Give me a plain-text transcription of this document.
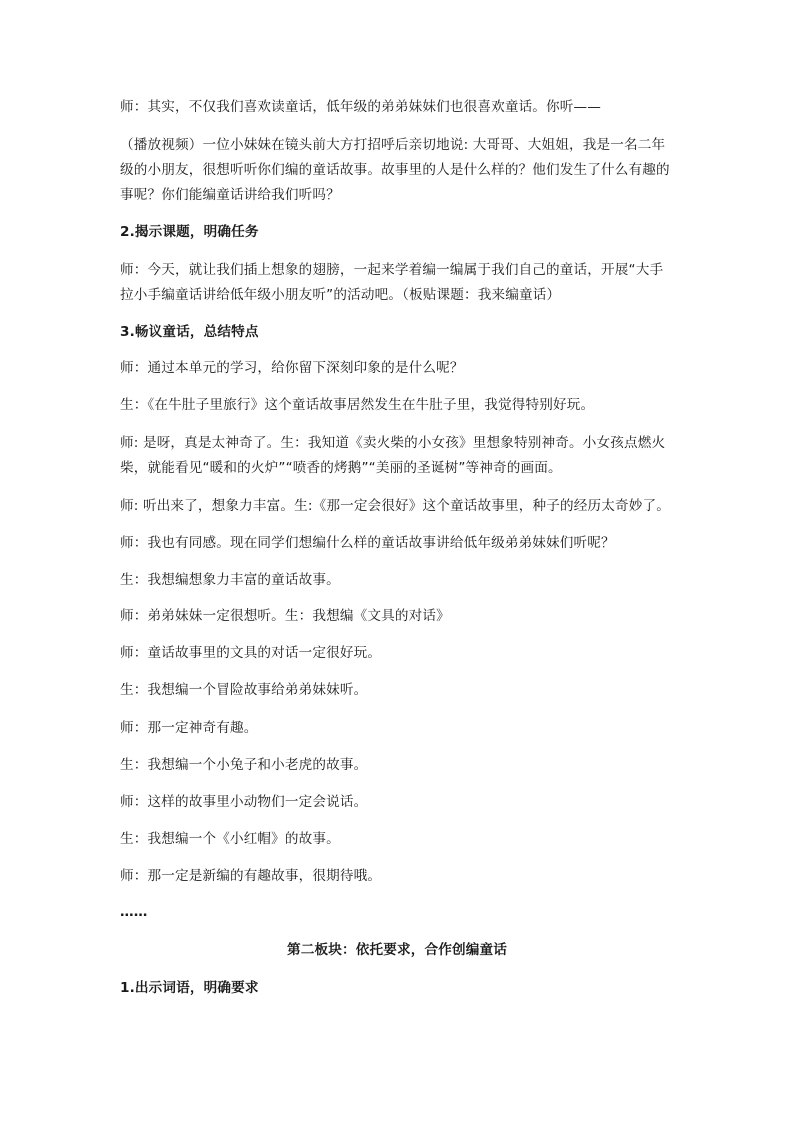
师：其实，不仅我们喜欢读童话，低年级的弟弟妹妹们也很喜欢童话。你听——
（播放视频）一位小妹妹在镜头前大方打招呼后亲切地说: 大哥哥、大姐姐，我是一名二年
级的小朋友，很想听听你们编的童话故事。故事里的人是什么样的？他们发生了什么有趣的
事呢？你们能编童话讲给我们听吗？
2.揭示课题，明确任务
师：今天，就让我们插上想象的翅膀，一起来学着编一编属于我们自己的童话，开展“大手
拉小手编童话讲给低年级小朋友听”的活动吧。（板贴课题：我来编童话）
3.畅议童话，总结特点
师：通过本单元的学习，给你留下深刻印象的是什么呢？
生：《在牛肚子里旅行》这个童话故事居然发生在牛肚子里，我觉得特别好玩。
师: 是呀，真是太神奇了。生：我知道《卖火柴的小女孩》里想象特别神奇。小女孩点燃火
柴，就能看见“暖和的火炉”“喷香的烤鹅”“美丽的圣诞树”等神奇的画面。
师: 听出来了，想象力丰富。生:《那一定会很好》这个童话故事里，种子的经历太奇妙了。
师：我也有同感。现在同学们想编什么样的童话故事讲给低年级弟弟妹妹们听呢？
生：我想编想象力丰富的童话故事。
师：弟弟妹妹一定很想听。生：我想编《文具的对话》
师：童话故事里的文具的对话一定很好玩。
生：我想编一个冒险故事给弟弟妹妹听。
师：那一定神奇有趣。
生：我想编一个小兔子和小老虎的故事。
师：这样的故事里小动物们一定会说话。
生：我想编一个《小红帽》的故事。
师：那一定是新编的有趣故事，很期待哦。
……
第二板块：依托要求，合作创编童话
1.出示词语，明确要求
